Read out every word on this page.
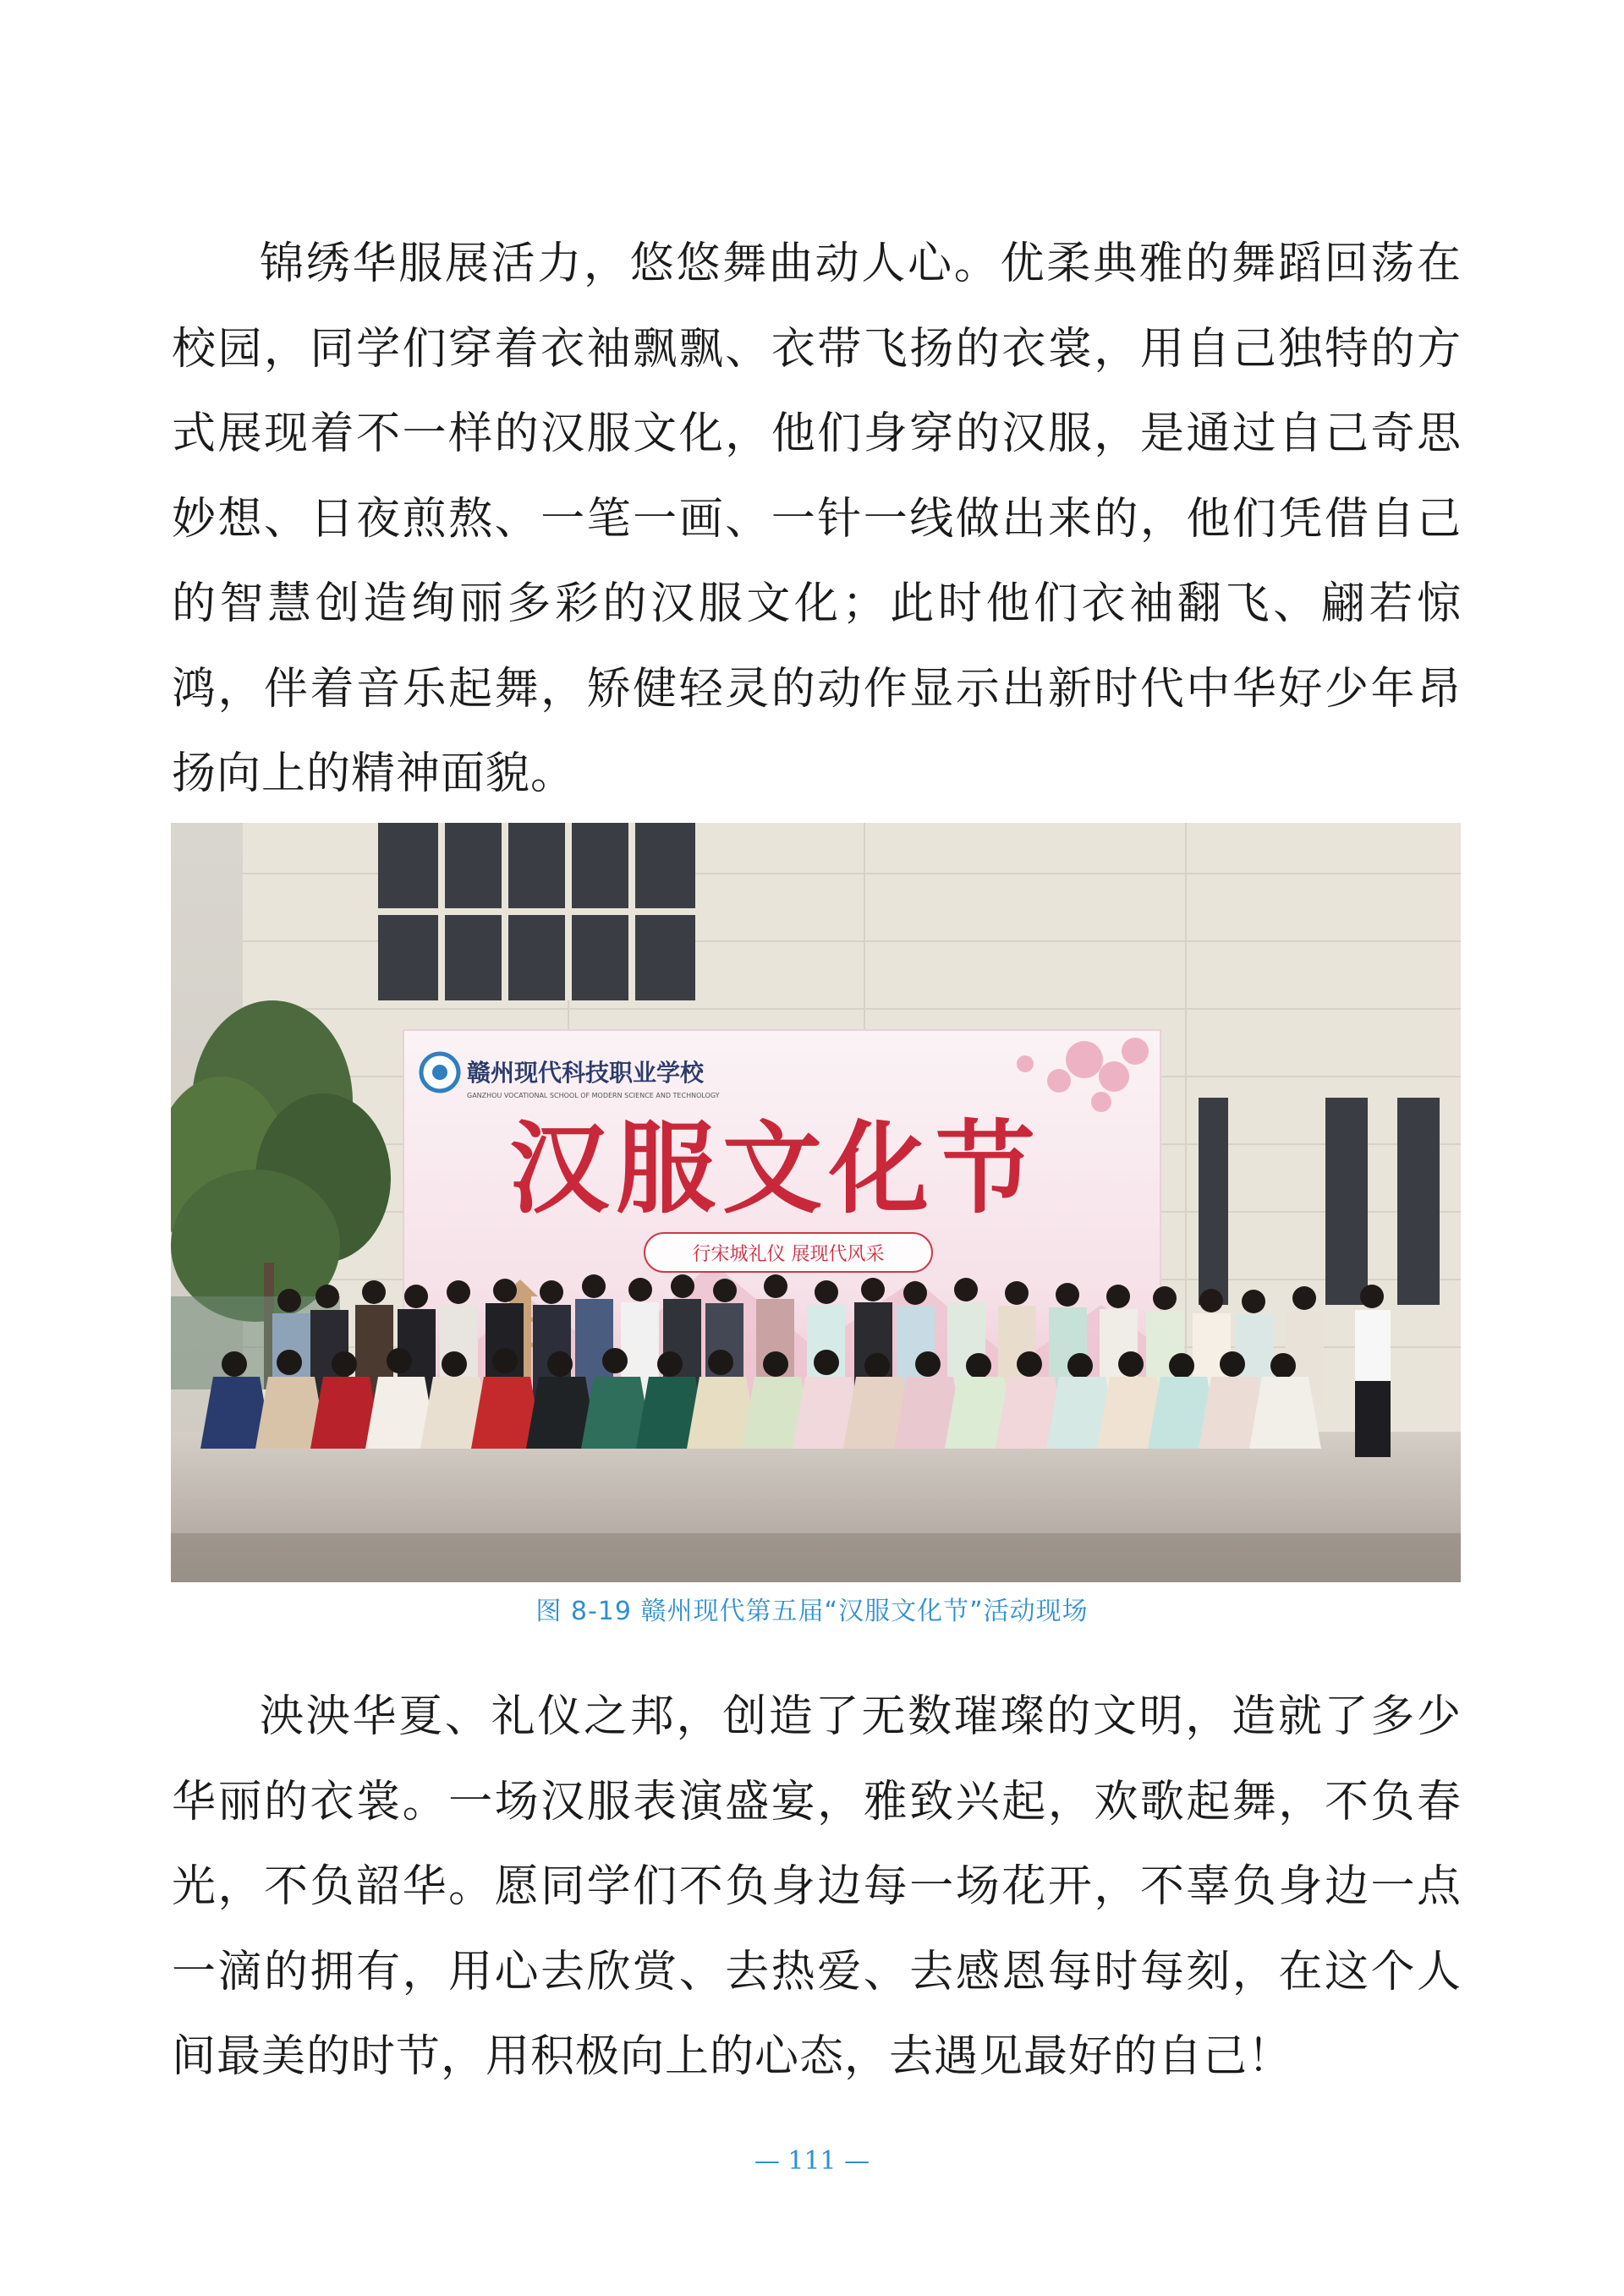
锦绣华服展活力，悠悠舞曲动人心。优柔典雅的舞蹈回荡在校园，同学们穿着衣袖飘飘、衣带飞扬的衣裳，用自己独特的方式展现着不一样的汉服文化，他们身穿的汉服，是通过自己奇思妙想、日夜煎熬、一笔一画、一针一线做出来的，他们凭借自己的智慧创造绚丽多彩的汉服文化；此时他们衣袖翻飞、翩若惊鸿，伴着音乐起舞，矫健轻灵的动作显示出新时代中华好少年昂扬向上的精神面貌。

赣州现代科技职业学校
GANZHOU VOCATIONAL SCHOOL OF MODERN SCIENCE AND TECHNOLOGY
汉服文化节
行宋城礼仪 展现代风采
图 8-19 赣州现代第五届“汉服文化节”活动现场

泱泱华夏、礼仪之邦，创造了无数璀璨的文明，造就了多少华丽的衣裳。一场汉服表演盛宴，雅致兴起，欢歌起舞，不负春光，不负韶华。愿同学们不负身边每一场花开，不辜负身边一点一滴的拥有，用心去欣赏、去热爱、去感恩每时每刻，在这个人间最美的时节，用积极向上的心态，去遇见最好的自己！

— 111 —
